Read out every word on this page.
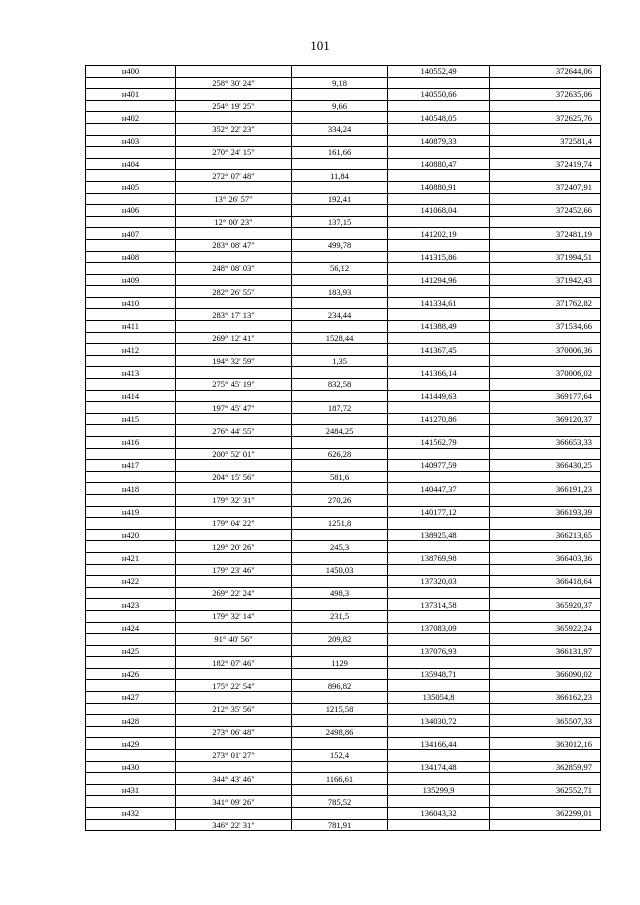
101
н400			140552,49	372644,06
	258° 30' 24"	9,18		
н401			140550,66	372635,06
	254° 19' 25"	9,66		
н402			140548,05	372625,76
	352° 22' 23"	334,24		
н403			140879,33	372581,4
	270° 24' 15"	161,66		
н404			140880,47	372419,74
	272° 07' 48"	11,84		
н405			140880,91	372407,91
	13° 26' 57"	192,41		
н406			141068,04	372452,66
	12° 00' 23"	137,15		
н407			141202,19	372481,19
	283° 08' 47"	499,78		
н408			141315,86	371994,51
	248° 08' 03"	56,12		
н409			141294,96	371942,43
	282° 26' 55"	183,93		
н410			141334,61	371762,82
	283° 17' 13"	234,44		
н411			141388,49	371534,66
	269° 12' 41"	1528,44		
н412			141367,45	370006,36
	194° 32' 59"	1,35		
н413			141366,14	370006,02
	275° 45' 19"	832,58		
н414			141449,63	369177,64
	197° 45' 47"	187,72		
н415			141270,86	369120,37
	276° 44' 55"	2484,25		
н416			141562,79	366653,33
	200° 52' 01"	626,28		
н417			140977,59	366430,25
	204° 15' 56"	581,6		
н418			140447,37	366191,23
	179° 32' 31"	270,26		
н419			140177,12	366193,39
	179° 04' 22"	1251,8		
н420			138925,48	366213,65
	129° 20' 26"	245,3		
н421			138769,98	366403,36
	179° 23' 46"	1450,03		
н422			137320,03	366418,64
	269° 22' 24"	498,3		
н423			137314,58	365920,37
	179° 32' 14"	231,5		
н424			137083,09	365922,24
	91° 40' 56"	209,82		
н425			137076,93	366131,97
	182° 07' 46"	1129		
н426			135948,71	366090,02
	175° 22' 54"	896,82		
н427			135054,8	366162,23
	212° 35' 56"	1215,58		
н428			134030,72	365507,33
	273° 06' 48"	2498,86		
н429			134166,44	363012,16
	273° 01' 27"	152,4		
н430			134174,48	362859,97
	344° 43' 46"	1166,61		
н431			135299,9	362552,71
	341° 09' 26"	785,52		
н432			136043,32	362299,01
	346° 22' 31"	781,91		
